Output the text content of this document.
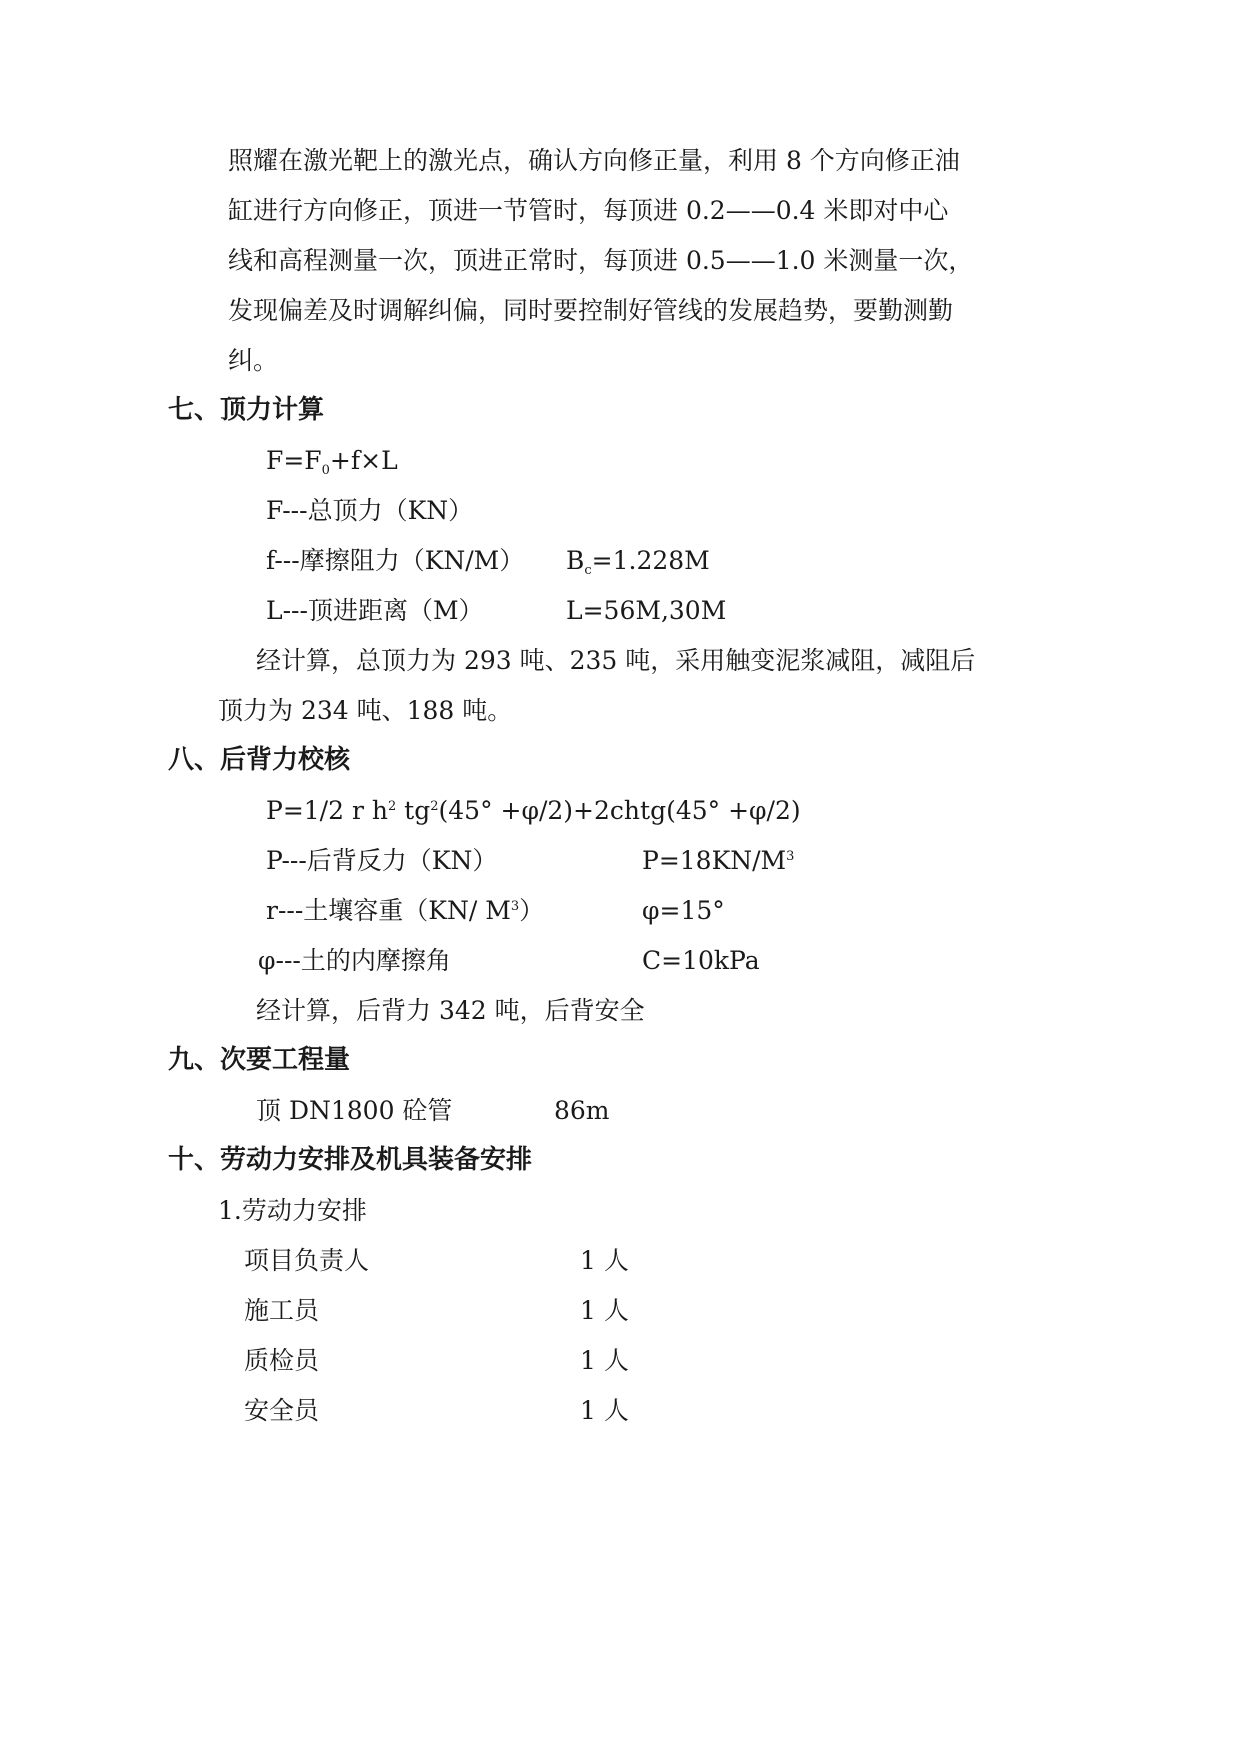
照耀在激光靶上的激光点，确认方向修正量，利用 8 个方向修正油
缸进行方向修正，顶进一节管时，每顶进 0.2——0.4 米即对中心
线和高程测量一次，顶进正常时，每顶进 0.5——1.0 米测量一次，
发现偏差及时调解纠偏，同时要控制好管线的发展趋势，要勤测勤
纠。
七、顶力计算
$F=F_0+f\times L$
F---总顶力（KN）
f---摩擦阻力（KN/M） $B_c=1.228M$
L---顶进距离（M）	L=56M,30M
经计算，总顶力为 293 吨、235 吨，采用触变泥浆减阻，减阻后
顶力为 234 吨、188 吨。
八、后背力校核
P=1/2 r $h^2$ $tg^2(45^\circ$ +φ/2)+2chtg(45° +φ/2)
P---后背反力（KN）	$P=18KN/M^3$
r---土壤容重（KN/ $M^3$）	φ=15°
φ---土的内摩擦角	C=10kPa
经计算，后背力 342 吨，后背安全
九、次要工程量
顶 DN1800 砼管	86m
十、劳动力安排及机具装备安排
1.劳动力安排
项目负责人	1 人
施工员	1 人
质检员	1 人
安全员	1 人
